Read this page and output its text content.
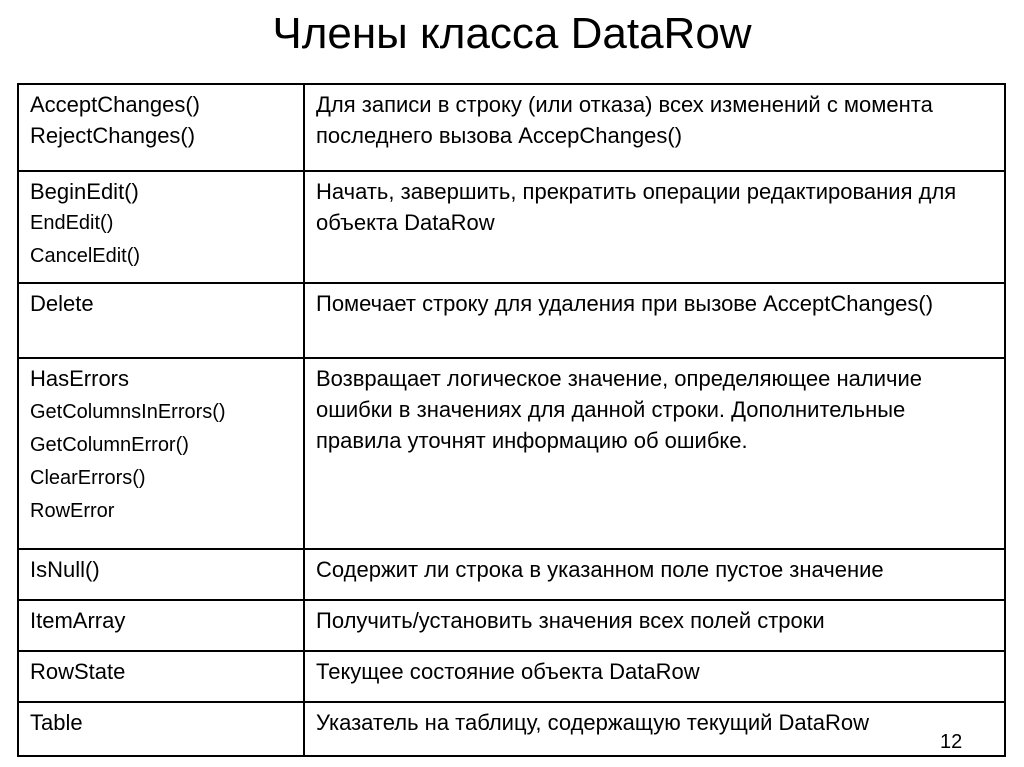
Члены класса DataRow
AcceptChanges()
RejectChanges()	Для записи в строку (или отказа) всех изменений с момента последнего вызова AccepChanges()

BeginEdit()
EndEdit()
CancelEdit()	Начать, завершить, прекратить операции редактирования для объекта DataRow

Delete	Помечает строку для удаления при вызове AcceptChanges()

HasErrors
GetColumnsInErrors()
GetColumnError()
ClearErrors()
RowError	Возвращает логическое значение, определяющее наличие ошибки в значениях для данной строки. Дополнительные правила уточнят информацию об ошибке.

IsNull()	Содержит ли строка в указанном поле пустое значение

ItemArray	Получить/установить значения всех полей строки

RowState	Текущее состояние объекта DataRow

Table	Указатель на таблицу, содержащую текущий DataRow
12
